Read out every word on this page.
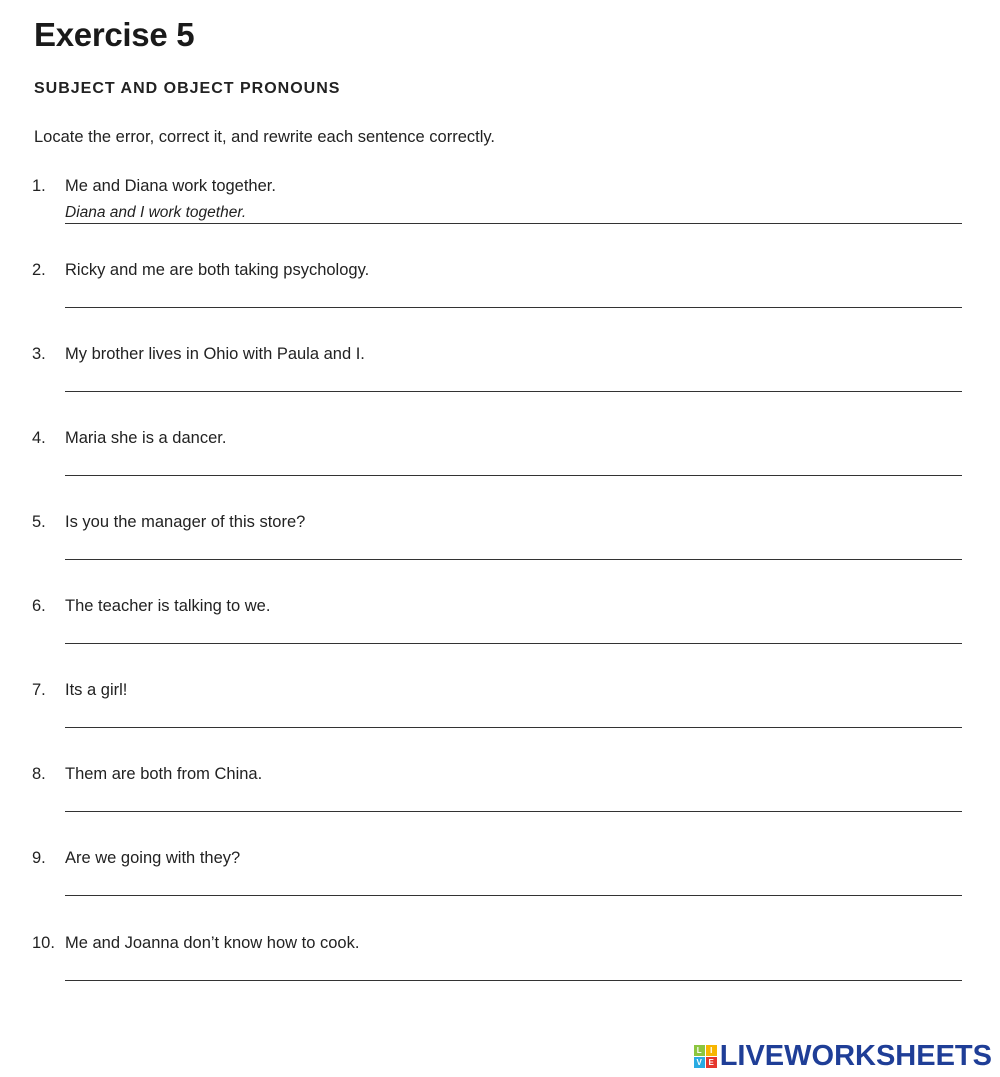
Exercise 5
SUBJECT AND OBJECT PRONOUNS
Locate the error, correct it, and rewrite each sentence correctly.
1.	Me and Diana work together.
Diana and I work together.
2.	Ricky and me are both taking psychology.
3.	My brother lives in Ohio with Paula and I.
4.	Maria she is a dancer.
5.	Is you the manager of this store?
6.	The teacher is talking to we.
7.	Its a girl!
8.	Them are both from China.
9.	Are we going with they?
10. Me and Joanna don’t know how to cook.
L	I
V E LIVEWORKSHEETS
